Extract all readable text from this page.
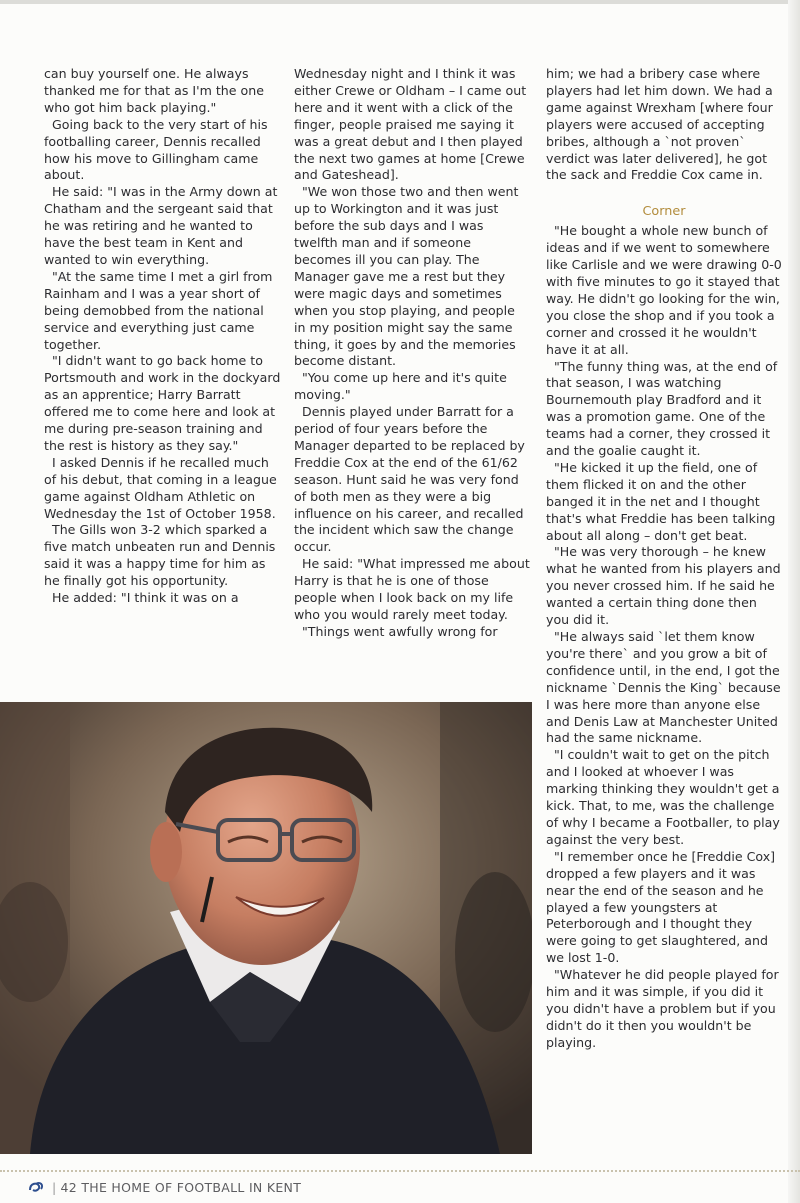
can buy yourself one. He always thanked me for that as I'm the one who got him back playing."

Going back to the very start of his footballing career, Dennis recalled how his move to Gillingham came about.

He said: "I was in the Army down at Chatham and the sergeant said that he was retiring and he wanted to have the best team in Kent and wanted to win everything.

"At the same time I met a girl from Rainham and I was a year short of being demobbed from the national service and everything just came together.

"I didn't want to go back home to Portsmouth and work in the dockyard as an apprentice; Harry Barratt offered me to come here and look at me during pre-season training and the rest is history as they say."

I asked Dennis if he recalled much of his debut, that coming in a league game against Oldham Athletic on Wednesday the 1st of October 1958.

The Gills won 3-2 which sparked a five match unbeaten run and Dennis said it was a happy time for him as he finally got his opportunity.

He added: "I think it was on a

Wednesday night and I think it was either Crewe or Oldham – I came out here and it went with a click of the finger, people praised me saying it was a great debut and I then played the next two games at home [Crewe and Gateshead].

"We won those two and then went up to Workington and it was just before the sub days and I was twelfth man and if someone becomes ill you can play. The Manager gave me a rest but they were magic days and sometimes when you stop playing, and people in my position might say the same thing, it goes by and the memories become distant.

"You come up here and it's quite moving."

Dennis played under Barratt for a period of four years before the Manager departed to be replaced by Freddie Cox at the end of the 61/62 season. Hunt said he was very fond of both men as they were a big influence on his career, and recalled the incident which saw the change occur.

He said: "What impressed me about Harry is that he is one of those people when I look back on my life who you would rarely meet today.

"Things went awfully wrong for

him; we had a bribery case where players had let him down. We had a game against Wrexham [where four players were accused of accepting bribes, although a `not proven` verdict was later delivered], he got the sack and Freddie Cox came in.

Corner

"He bought a whole new bunch of ideas and if we went to somewhere like Carlisle and we were drawing 0-0 with five minutes to go it stayed that way. He didn't go looking for the win, you close the shop and if you took a corner and crossed it he wouldn't have it at all.

"The funny thing was, at the end of that season, I was watching Bournemouth play Bradford and it was a promotion game. One of the teams had a corner, they crossed it and the goalie caught it.

"He kicked it up the field, one of them flicked it on and the other banged it in the net and I thought that's what Freddie has been talking about all along – don't get beat.

"He was very thorough – he knew what he wanted from his players and you never crossed him. If he said he wanted a certain thing done then you did it.

"He always said `let them know you're there` and you grow a bit of confidence until, in the end, I got the nickname `Dennis the King` because I was here more than anyone else and Denis Law at Manchester United had the same nickname.

"I couldn't wait to get on the pitch and I looked at whoever I was marking thinking they wouldn't get a kick. That, to me, was the challenge of why I became a Footballer, to play against the very best.

"I remember once he [Freddie Cox] dropped a few players and it was near the end of the season and he played a few youngsters at Peterborough and I thought they were going to get slaughtered, and we lost 1-0.

"Whatever he did people played for him and it was simple, if you did it you didn't have a problem but if you didn't do it then you wouldn't be playing.

| 42 THE HOME OF FOOTBALL IN KENT
